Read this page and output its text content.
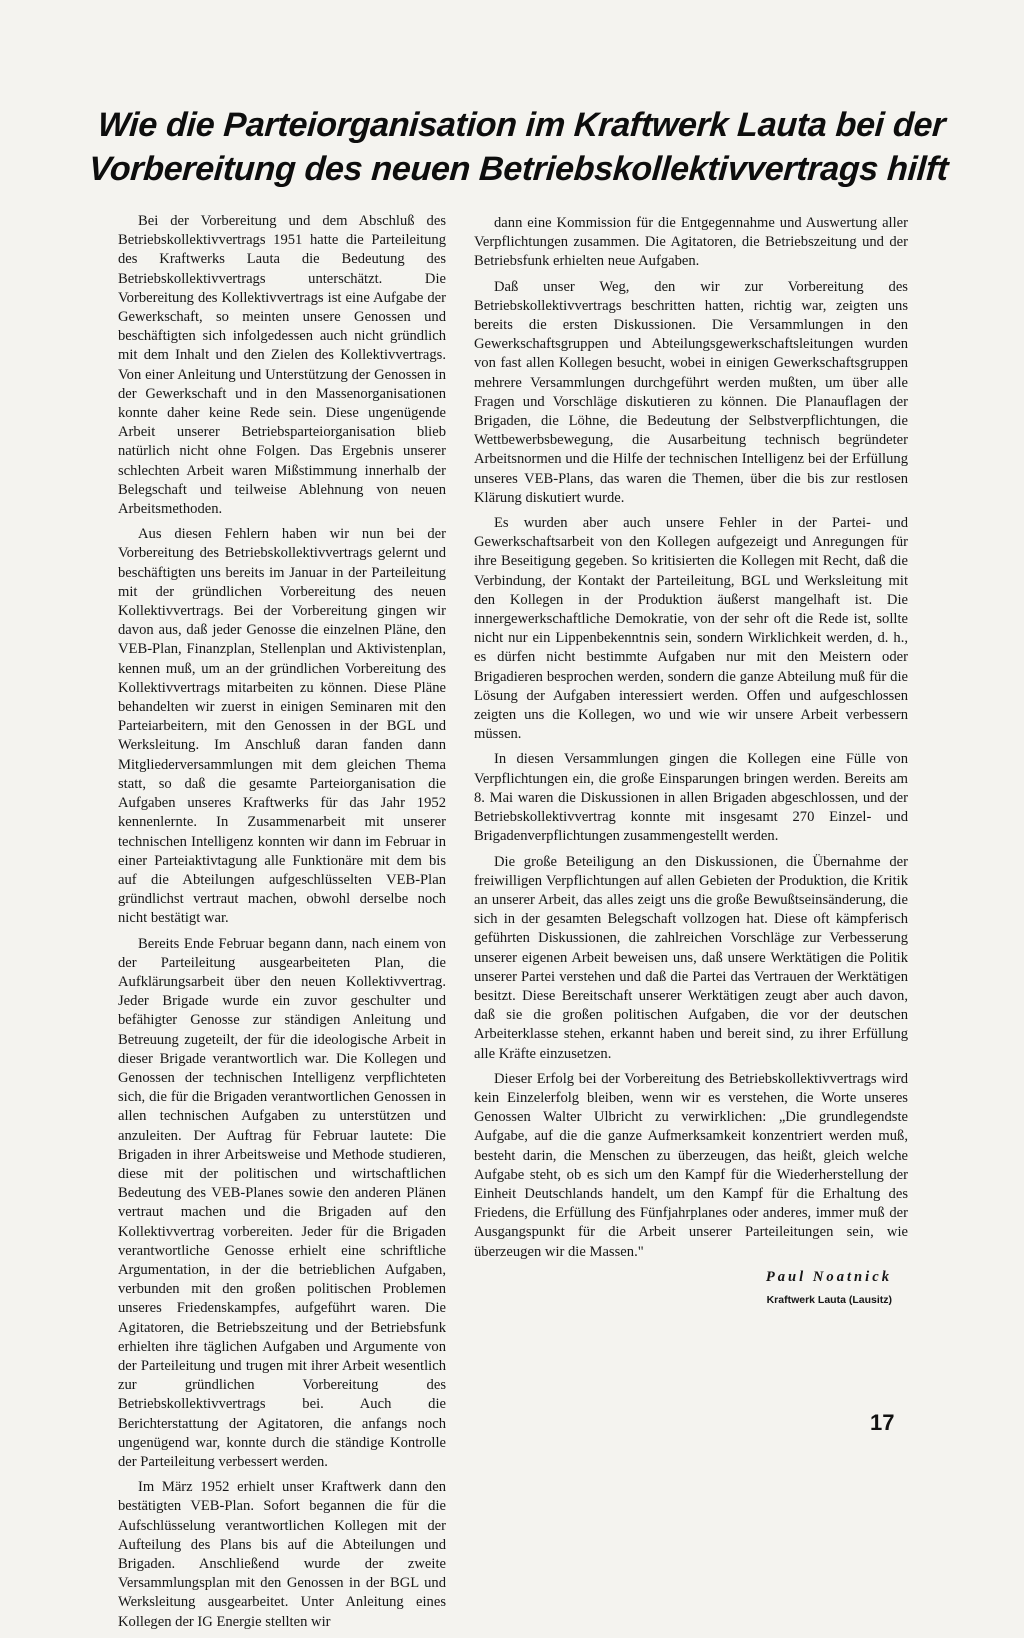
Wie die Parteiorganisation im Kraftwerk Lauta bei der
Vorbereitung des neuen Betriebskollektivvertrags hilft

Bei der Vorbereitung und dem Abschluß des Betriebskollektivvertrags 1951 hatte die Parteileitung des Kraftwerks Lauta die Bedeutung des Betriebskollektivvertrags unterschätzt. Die Vorbereitung des Kollektivvertrags ist eine Aufgabe der Gewerkschaft, so meinten unsere Genossen und beschäftigten sich infolgedessen auch nicht gründlich mit dem Inhalt und den Zielen des Kollektivvertrags. Von einer Anleitung und Unterstützung der Genossen in der Gewerkschaft und in den Massenorganisationen konnte daher keine Rede sein. Diese ungenügende Arbeit unserer Betriebsparteiorganisation blieb natürlich nicht ohne Folgen. Das Ergebnis unserer schlechten Arbeit waren Mißstimmung innerhalb der Belegschaft und teilweise Ablehnung von neuen Arbeitsmethoden.

Aus diesen Fehlern haben wir nun bei der Vorbereitung des Betriebskollektivvertrags gelernt und beschäftigten uns bereits im Januar in der Parteileitung mit der gründlichen Vorbereitung des neuen Kollektivvertrags. Bei der Vorbereitung gingen wir davon aus, daß jeder Genosse die einzelnen Pläne, den VEB-Plan, Finanzplan, Stellenplan und Aktivistenplan, kennen muß, um an der gründlichen Vorbereitung des Kollektivvertrags mitarbeiten zu können. Diese Pläne behandelten wir zuerst in einigen Seminaren mit den Parteiarbeitern, mit den Genossen in der BGL und Werksleitung. Im Anschluß daran fanden dann Mitgliederversammlungen mit dem gleichen Thema statt, so daß die gesamte Parteiorganisation die Aufgaben unseres Kraftwerks für das Jahr 1952 kennenlernte. In Zusammenarbeit mit unserer technischen Intelligenz konnten wir dann im Februar in einer Parteiaktivtagung alle Funktionäre mit dem bis auf die Abteilungen aufgeschlüsselten VEB-Plan gründlichst vertraut machen, obwohl derselbe noch nicht bestätigt war.

Bereits Ende Februar begann dann, nach einem von der Parteileitung ausgearbeiteten Plan, die Aufklärungsarbeit über den neuen Kollektivvertrag. Jeder Brigade wurde ein zuvor geschulter und befähigter Genosse zur ständigen Anleitung und Betreuung zugeteilt, der für die ideologische Arbeit in dieser Brigade verantwortlich war. Die Kollegen und Genossen der technischen Intelligenz verpflichteten sich, die für die Brigaden verantwortlichen Genossen in allen technischen Aufgaben zu unterstützen und anzuleiten. Der Auftrag für Februar lautete: Die Brigaden in ihrer Arbeitsweise und Methode studieren, diese mit der politischen und wirtschaftlichen Bedeutung des VEB-Planes sowie den anderen Plänen vertraut machen und die Brigaden auf den Kollektivvertrag vorbereiten. Jeder für die Brigaden verantwortliche Genosse erhielt eine schriftliche Argumentation, in der die betrieblichen Aufgaben, verbunden mit den großen politischen Problemen unseres Friedenskampfes, aufgeführt waren. Die Agitatoren, die Betriebszeitung und der Betriebsfunk erhielten ihre täglichen Aufgaben und Argumente von der Parteileitung und trugen mit ihrer Arbeit wesentlich zur gründlichen Vorbereitung des Betriebskollektivvertrags bei. Auch die Berichterstattung der Agitatoren, die anfangs noch ungenügend war, konnte durch die ständige Kontrolle der Parteileitung verbessert werden.

Im März 1952 erhielt unser Kraftwerk dann den bestätigten VEB-Plan. Sofort begannen die für die Aufschlüsselung verantwortlichen Kollegen mit der Aufteilung des Plans bis auf die Abteilungen und Brigaden. Anschließend wurde der zweite Versammlungsplan mit den Genossen in der BGL und Werksleitung ausgearbeitet. Unter Anleitung eines Kollegen der IG Energie stellten wir

dann eine Kommission für die Entgegennahme und Auswertung aller Verpflichtungen zusammen. Die Agitatoren, die Betriebszeitung und der Betriebsfunk erhielten neue Aufgaben.

Daß unser Weg, den wir zur Vorbereitung des Betriebskollektivvertrags beschritten hatten, richtig war, zeigten uns bereits die ersten Diskussionen. Die Versammlungen in den Gewerkschaftsgruppen und Abteilungsgewerkschaftsleitungen wurden von fast allen Kollegen besucht, wobei in einigen Gewerkschaftsgruppen mehrere Versammlungen durchgeführt werden mußten, um über alle Fragen und Vorschläge diskutieren zu können. Die Planauflagen der Brigaden, die Löhne, die Bedeutung der Selbstverpflichtungen, die Wettbewerbsbewegung, die Ausarbeitung technisch begründeter Arbeitsnormen und die Hilfe der technischen Intelligenz bei der Erfüllung unseres VEB-Plans, das waren die Themen, über die bis zur restlosen Klärung diskutiert wurde.

Es wurden aber auch unsere Fehler in der Partei- und Gewerkschaftsarbeit von den Kollegen aufgezeigt und Anregungen für ihre Beseitigung gegeben. So kritisierten die Kollegen mit Recht, daß die Verbindung, der Kontakt der Parteileitung, BGL und Werksleitung mit den Kollegen in der Produktion äußerst mangelhaft ist. Die innergewerkschaftliche Demokratie, von der sehr oft die Rede ist, sollte nicht nur ein Lippenbekenntnis sein, sondern Wirklichkeit werden, d. h., es dürfen nicht bestimmte Aufgaben nur mit den Meistern oder Brigadieren besprochen werden, sondern die ganze Abteilung muß für die Lösung der Aufgaben interessiert werden. Offen und aufgeschlossen zeigten uns die Kollegen, wo und wie wir unsere Arbeit verbessern müssen.

In diesen Versammlungen gingen die Kollegen eine Fülle von Verpflichtungen ein, die große Einsparungen bringen werden. Bereits am 8. Mai waren die Diskussionen in allen Brigaden abgeschlossen, und der Betriebskollektivvertrag konnte mit insgesamt 270 Einzel- und Brigadenverpflichtungen zusammengestellt werden.

Die große Beteiligung an den Diskussionen, die Übernahme der freiwilligen Verpflichtungen auf allen Gebieten der Produktion, die Kritik an unserer Arbeit, das alles zeigt uns die große Bewußtseinsänderung, die sich in der gesamten Belegschaft vollzogen hat. Diese oft kämpferisch geführten Diskussionen, die zahlreichen Vorschläge zur Verbesserung unserer eigenen Arbeit beweisen uns, daß unsere Werktätigen die Politik unserer Partei verstehen und daß die Partei das Vertrauen der Werktätigen besitzt. Diese Bereitschaft unserer Werktätigen zeugt aber auch davon, daß sie die großen politischen Aufgaben, die vor der deutschen Arbeiterklasse stehen, erkannt haben und bereit sind, zu ihrer Erfüllung alle Kräfte einzusetzen.

Dieser Erfolg bei der Vorbereitung des Betriebskollektivvertrags wird kein Einzelerfolg bleiben, wenn wir es verstehen, die Worte unseres Genossen Walter Ulbricht zu verwirklichen: „Die grundlegendste Aufgabe, auf die die ganze Aufmerksamkeit konzentriert werden muß, besteht darin, die Menschen zu überzeugen, das heißt, gleich welche Aufgabe steht, ob es sich um den Kampf für die Wiederherstellung der Einheit Deutschlands handelt, um den Kampf für die Erhaltung des Friedens, die Erfüllung des Fünfjahrplanes oder anderes, immer muß der Ausgangspunkt für die Arbeit unserer Parteileitungen sein, wie überzeugen wir die Massen."

Paul Noatnick
Kraftwerk Lauta (Lausitz)
17
